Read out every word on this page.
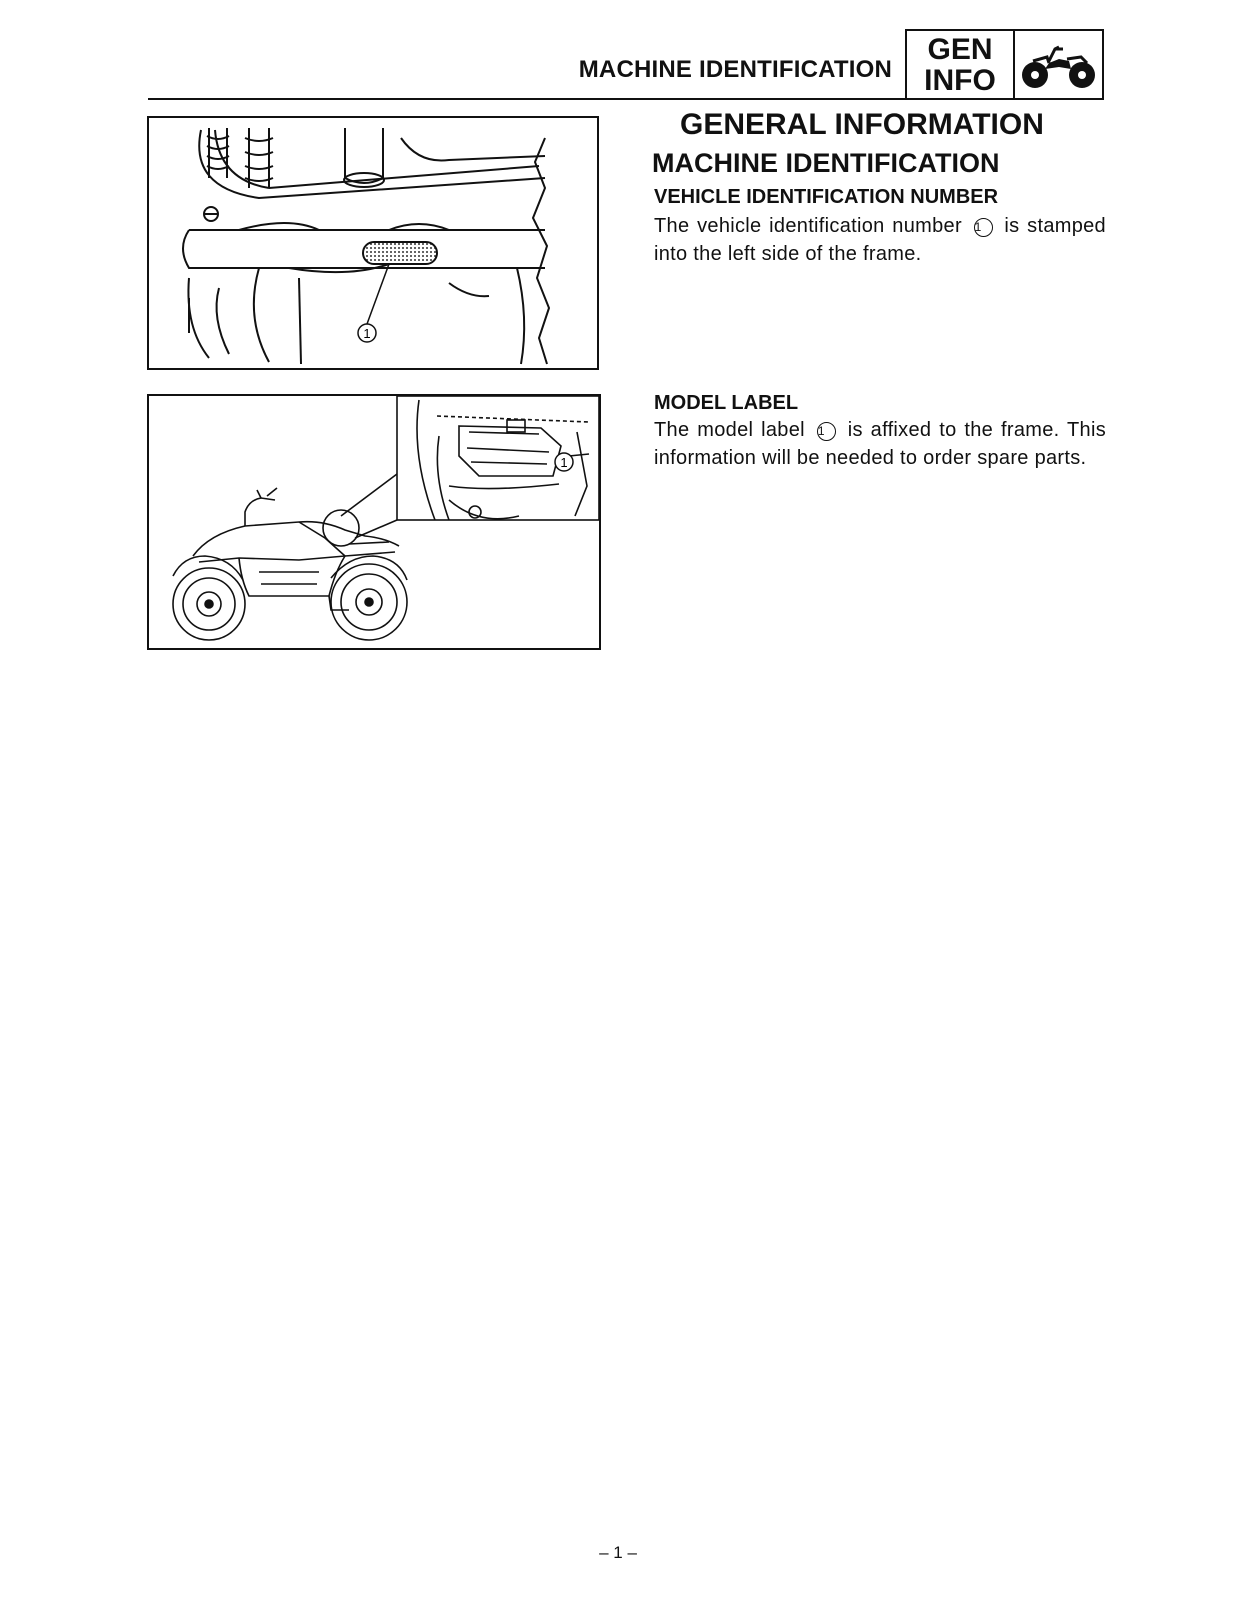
MACHINE IDENTIFICATION
GEN
INFO
1
1
GENERAL INFORMATION
MACHINE IDENTIFICATION
VEHICLE IDENTIFICATION NUMBER
The vehicle identification number 1 is stamped into the left side of the frame.
MODEL LABEL
The model label 1 is affixed to the frame. This information will be needed to order spare parts.
– 1 –
